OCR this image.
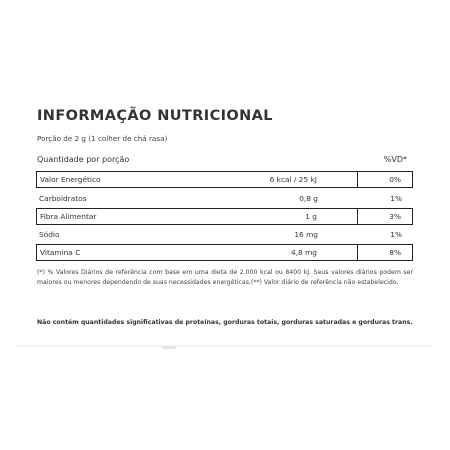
INFORMAÇÃO NUTRICIONAL
Porção de 2 g (1 colher de chá rasa)
Quantidade por porção	%VD*
Valor Energético	6 kcal / 25 kJ	0%
Carboidratos	0,8 g	1%
Fibra Alimentar	1 g	3%
Sódio	16 mg	1%
Vitamina C	4,8 mg	8%
(*) % Valores Diários de referência com base em uma dieta de 2.000 kcal ou 8400 kJ. Seus valores diários podem ser maiores ou menores dependendo de suas necessidades energéticas.(**) Valor diário de referência não estabelecido.
Não contém quantidades significativas de proteínas, gorduras totais, gorduras saturadas e gorduras trans.
